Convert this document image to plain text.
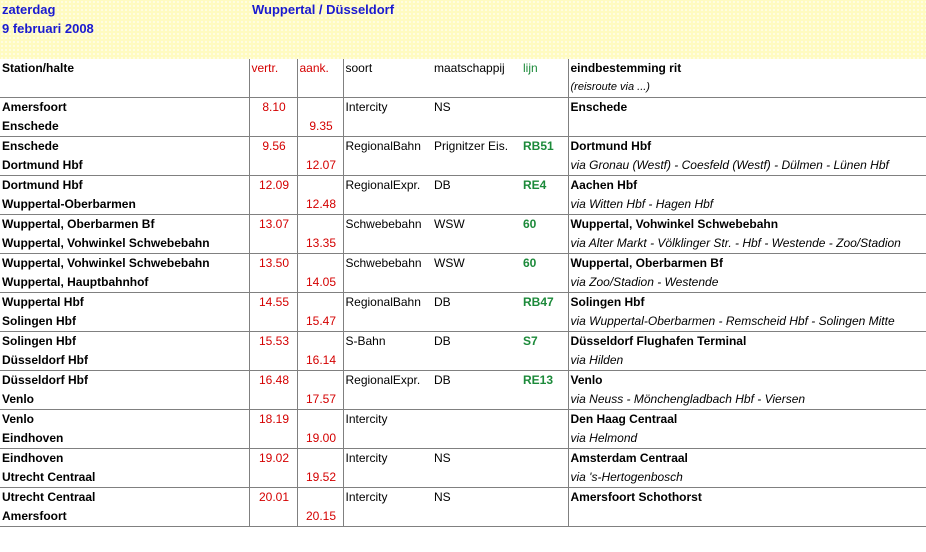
zaterdag
9 februari 2008
Wuppertal / Düsseldorf
Station/halte	vertr.	aank.	soort	maatschappij	lijn	eindbestemming rit
						(reisroute via ...)
Amersfoort	8.10		Intercity	NS		Enschede
Enschede		9.35				
Enschede	9.56		RegionalBahn	Prignitzer Eis.	RB51	Dortmund Hbf
Dortmund Hbf		12.07				via Gronau (Westf) - Coesfeld (Westf) - Dülmen - Lünen Hbf
Dortmund Hbf	12.09		RegionalExpr.	DB	RE4	Aachen Hbf
Wuppertal-Oberbarmen		12.48				via Witten Hbf - Hagen Hbf
Wuppertal, Oberbarmen Bf	13.07		Schwebebahn	WSW	60	Wuppertal, Vohwinkel Schwebebahn
Wuppertal, Vohwinkel Schwebebahn		13.35				via Alter Markt - Völklinger Str. - Hbf - Westende - Zoo/Stadion
Wuppertal, Vohwinkel Schwebebahn	13.50		Schwebebahn	WSW	60	Wuppertal, Oberbarmen Bf
Wuppertal, Hauptbahnhof		14.05				via Zoo/Stadion - Westende
Wuppertal Hbf	14.55		RegionalBahn	DB	RB47	Solingen Hbf
Solingen Hbf		15.47				via Wuppertal-Oberbarmen - Remscheid Hbf - Solingen Mitte
Solingen Hbf	15.53		S-Bahn	DB	S7	Düsseldorf Flughafen Terminal
Düsseldorf Hbf		16.14				via Hilden
Düsseldorf Hbf	16.48		RegionalExpr.	DB	RE13	Venlo
Venlo		17.57				via Neuss - Mönchengladbach Hbf - Viersen
Venlo	18.19		Intercity			Den Haag Centraal
Eindhoven		19.00				via Helmond
Eindhoven	19.02		Intercity	NS		Amsterdam Centraal
Utrecht Centraal		19.52				via 's-Hertogenbosch
Utrecht Centraal	20.01		Intercity	NS		Amersfoort Schothorst
Amersfoort		20.15				
